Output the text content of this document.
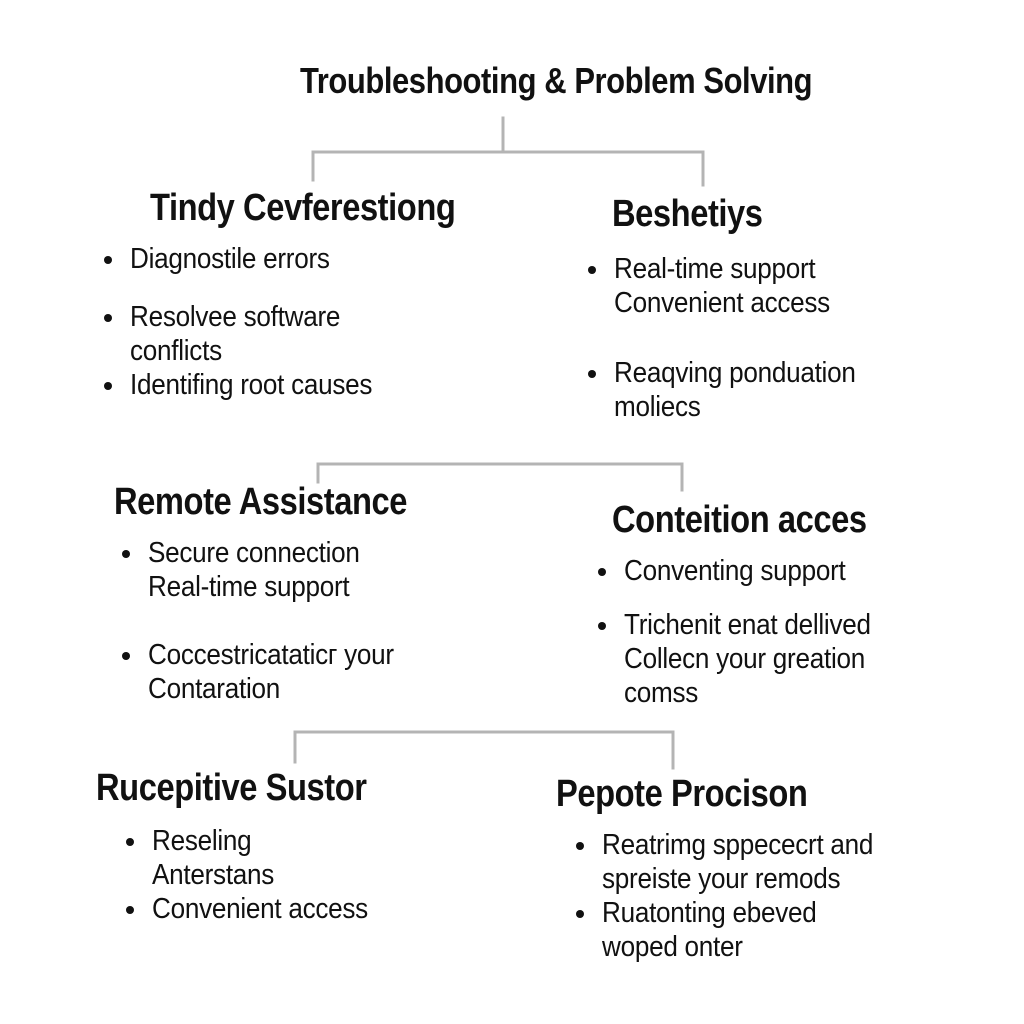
Troubleshooting & Problem Solving
Tindy Cevferestiong
Diagnostile errors
Resolvee software
conflicts
Identifing root causes
Beshetiys
Real-time support
Convenient access
Reaqving ponduation
moliecs
Remote Assistance
Secure connection
Real-time support
Coccestricataticг your
Contaration
Conteition acces
Conventing support
Trichenit enat dellived
Collecn your greation
comss
Rucepitive Sustor
Reseling
Anterstans
Convenient access
Pepote Procison
Reatrimg sppececrt and
spreiste your remods
Ruatonting ebeved
woped onter
